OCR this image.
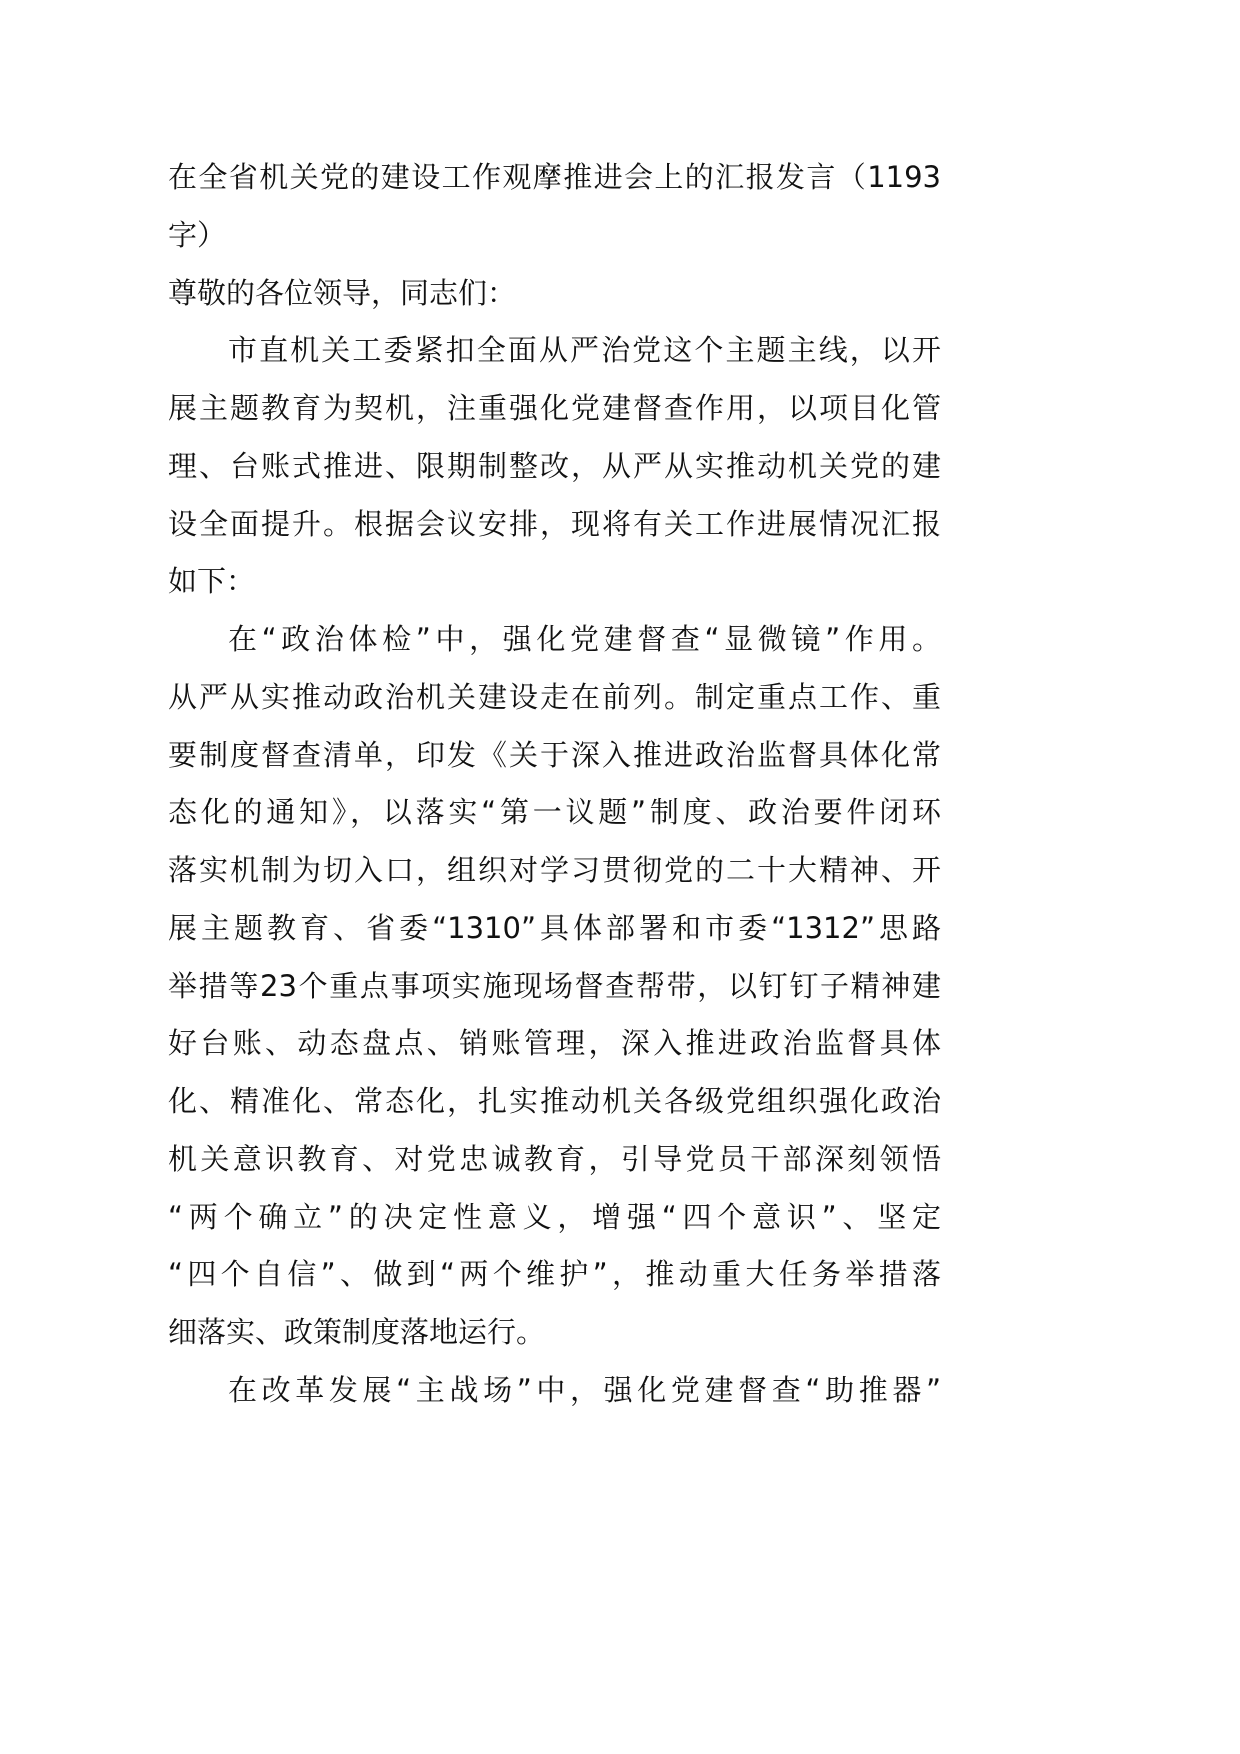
在全省机关党的建设工作观摩推进会上的汇报发言（1193
字）
尊敬的各位领导，同志们：
市直机关工委紧扣全面从严治党这个主题主线，以开
展主题教育为契机，注重强化党建督查作用，以项目化管
理、台账式推进、限期制整改，从严从实推动机关党的建
设全面提升。根据会议安排，现将有关工作进展情况汇报
如下：
在“政治体检”中，强化党建督查“显微镜”作用。
从严从实推动政治机关建设走在前列。制定重点工作、重
要制度督查清单，印发《关于深入推进政治监督具体化常
态化的通知》，以落实“第一议题”制度、政治要件闭环
落实机制为切入口，组织对学习贯彻党的二十大精神、开
展主题教育、省委“1310”具体部署和市委“1312”思路
举措等23个重点事项实施现场督查帮带，以钉钉子精神建
好台账、动态盘点、销账管理，深入推进政治监督具体
化、精准化、常态化，扎实推动机关各级党组织强化政治
机关意识教育、对党忠诚教育，引导党员干部深刻领悟
“两个确立”的决定性意义，增强“四个意识”、坚定
“四个自信”、做到“两个维护”，推动重大任务举措落
细落实、政策制度落地运行。
在改革发展“主战场”中，强化党建督查“助推器”
